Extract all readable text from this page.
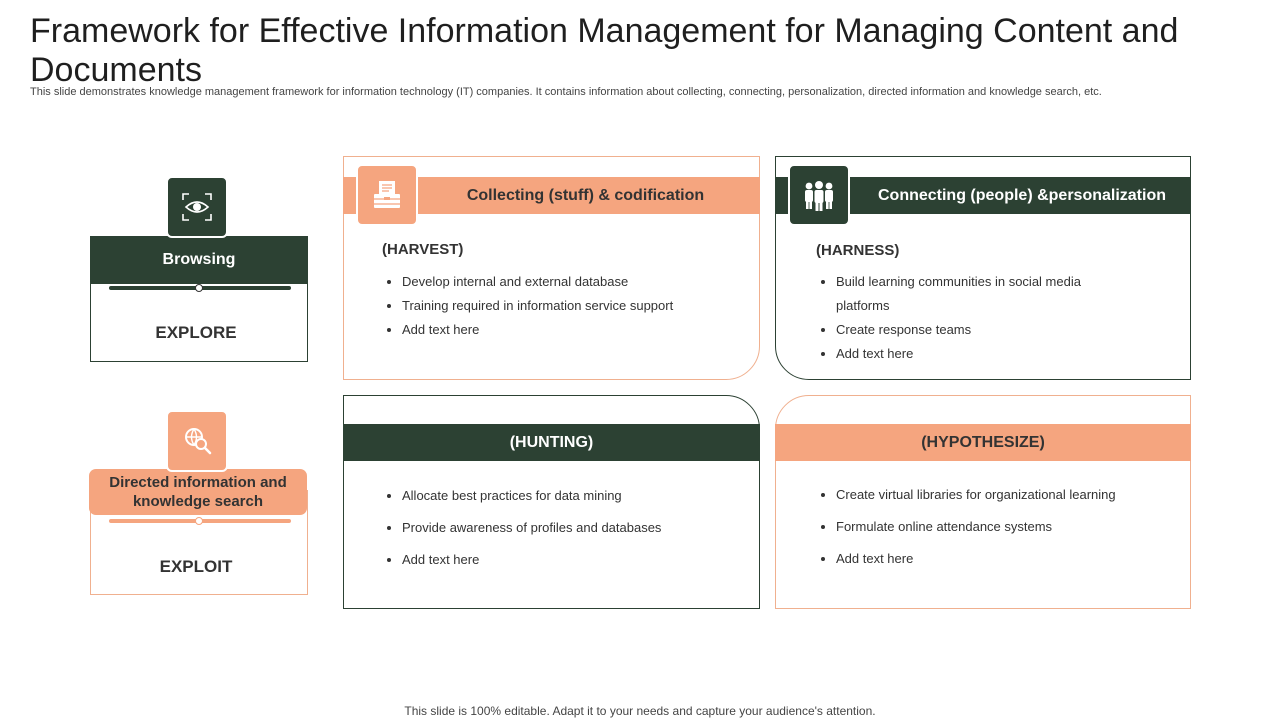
Framework for Effective Information Management for Managing Content and Documents
This slide demonstrates knowledge management framework for information technology (IT) companies. It contains information about collecting, connecting, personalization, directed information and knowledge search, etc.
Browsing
EXPLORE
EXPLOIT
Directed information and knowledge search
Collecting (stuff) & codification
(HARVEST)
• Develop internal and external database
• Training required in information service support
• Add text here
Connecting (people) &personalization
(HARNESS)
• Build learning communities in social media platforms
• Create response teams
• Add text here
(HUNTING)
• Allocate best practices for data mining
• Provide awareness of profiles and databases
• Add text here
(HYPOTHESIZE)
• Create virtual libraries for organizational learning
• Formulate online attendance systems
• Add text here
This slide is 100% editable. Adapt it to your needs and capture your audience's attention.
